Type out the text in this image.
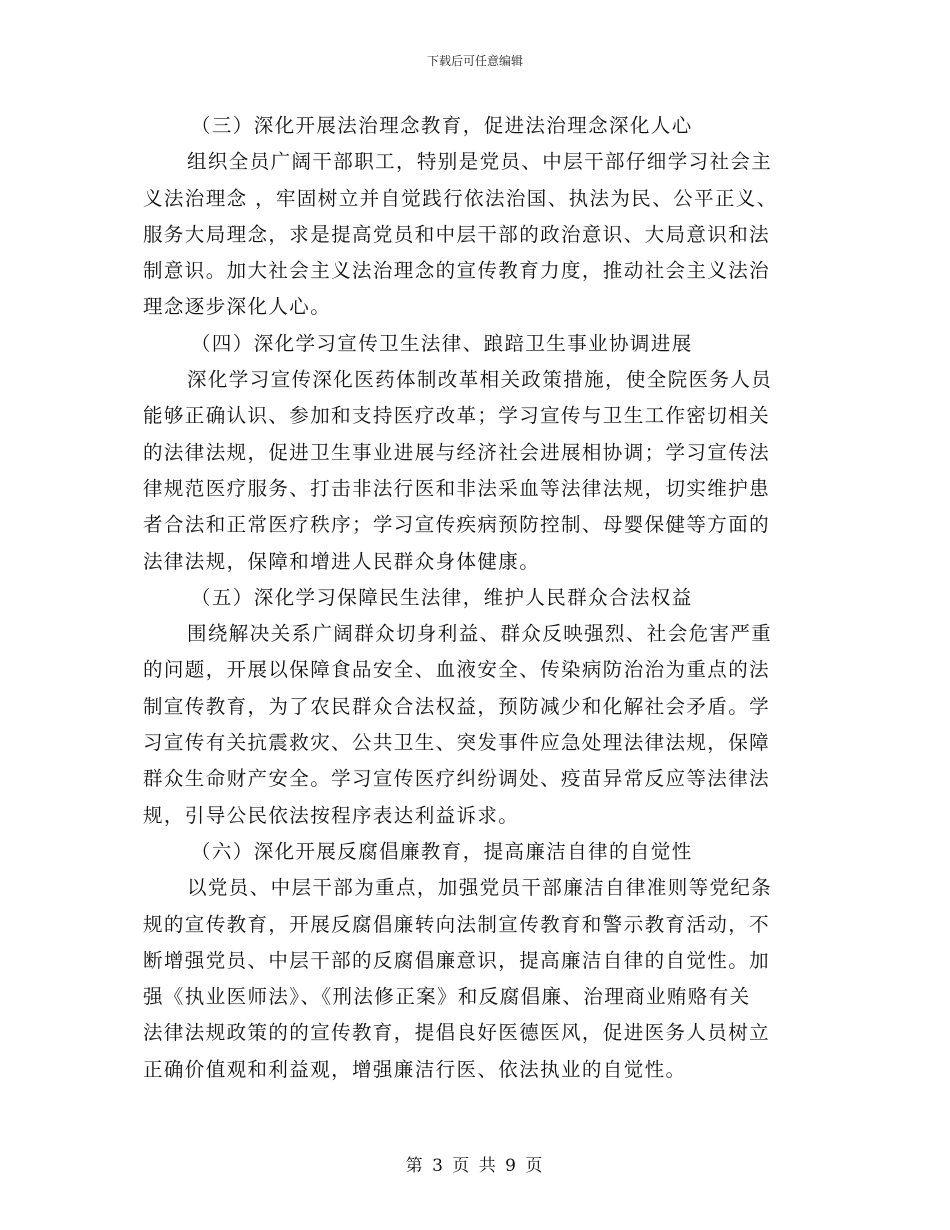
下载后可任意编辑

（三）深化开展法治理念教育，促进法治理念深化人心

组织全员广阔干部职工，特别是党员、中层干部仔细学习社会主

义法治理念 ，牢固树立并自觉践行依法治国、执法为民、公平正义、

服务大局理念，求是提高党员和中层干部的政治意识、大局意识和法

制意识。加大社会主义法治理念的宣传教育力度，推动社会主义法治

理念逐步深化人心。

（四）深化学习宣传卫生法律、踉踣卫生事业协调进展

深化学习宣传深化医药体制改革相关政策措施，使全院医务人员

能够正确认识、参加和支持医疗改革；学习宣传与卫生工作密切相关

的法律法规，促进卫生事业进展与经济社会进展相协调；学习宣传法

律规范医疗服务、打击非法行医和非法采血等法律法规，切实维护患

者合法和正常医疗秩序；学习宣传疾病预防控制、母婴保健等方面的

法律法规，保障和增进人民群众身体健康。

（五）深化学习保障民生法律，维护人民群众合法权益

围绕解决关系广阔群众切身利益、群众反映强烈、社会危害严重

的问题，开展以保障食品安全、血液安全、传染病防治治为重点的法

制宣传教育，为了农民群众合法权益，预防减少和化解社会矛盾。学

习宣传有关抗震救灾、公共卫生、突发事件应急处理法律法规，保障

群众生命财产安全。学习宣传医疗纠纷调处、疫苗异常反应等法律法

规，引导公民依法按程序表达利益诉求。

（六）深化开展反腐倡廉教育，提高廉洁自律的自觉性

以党员、中层干部为重点，加强党员干部廉洁自律准则等党纪条

规的宣传教育，开展反腐倡廉转向法制宣传教育和警示教育活动，不

断增强党员、中层干部的反腐倡廉意识，提高廉洁自律的自觉性。加

强《执业医师法》、《刑法修正案》和反腐倡廉、治理商业贿赂有关

法律法规政策的的宣传教育，提倡良好医德医风，促进医务人员树立

正确价值观和利益观，增强廉洁行医、依法执业的自觉性。

第 3 页 共 9 页
